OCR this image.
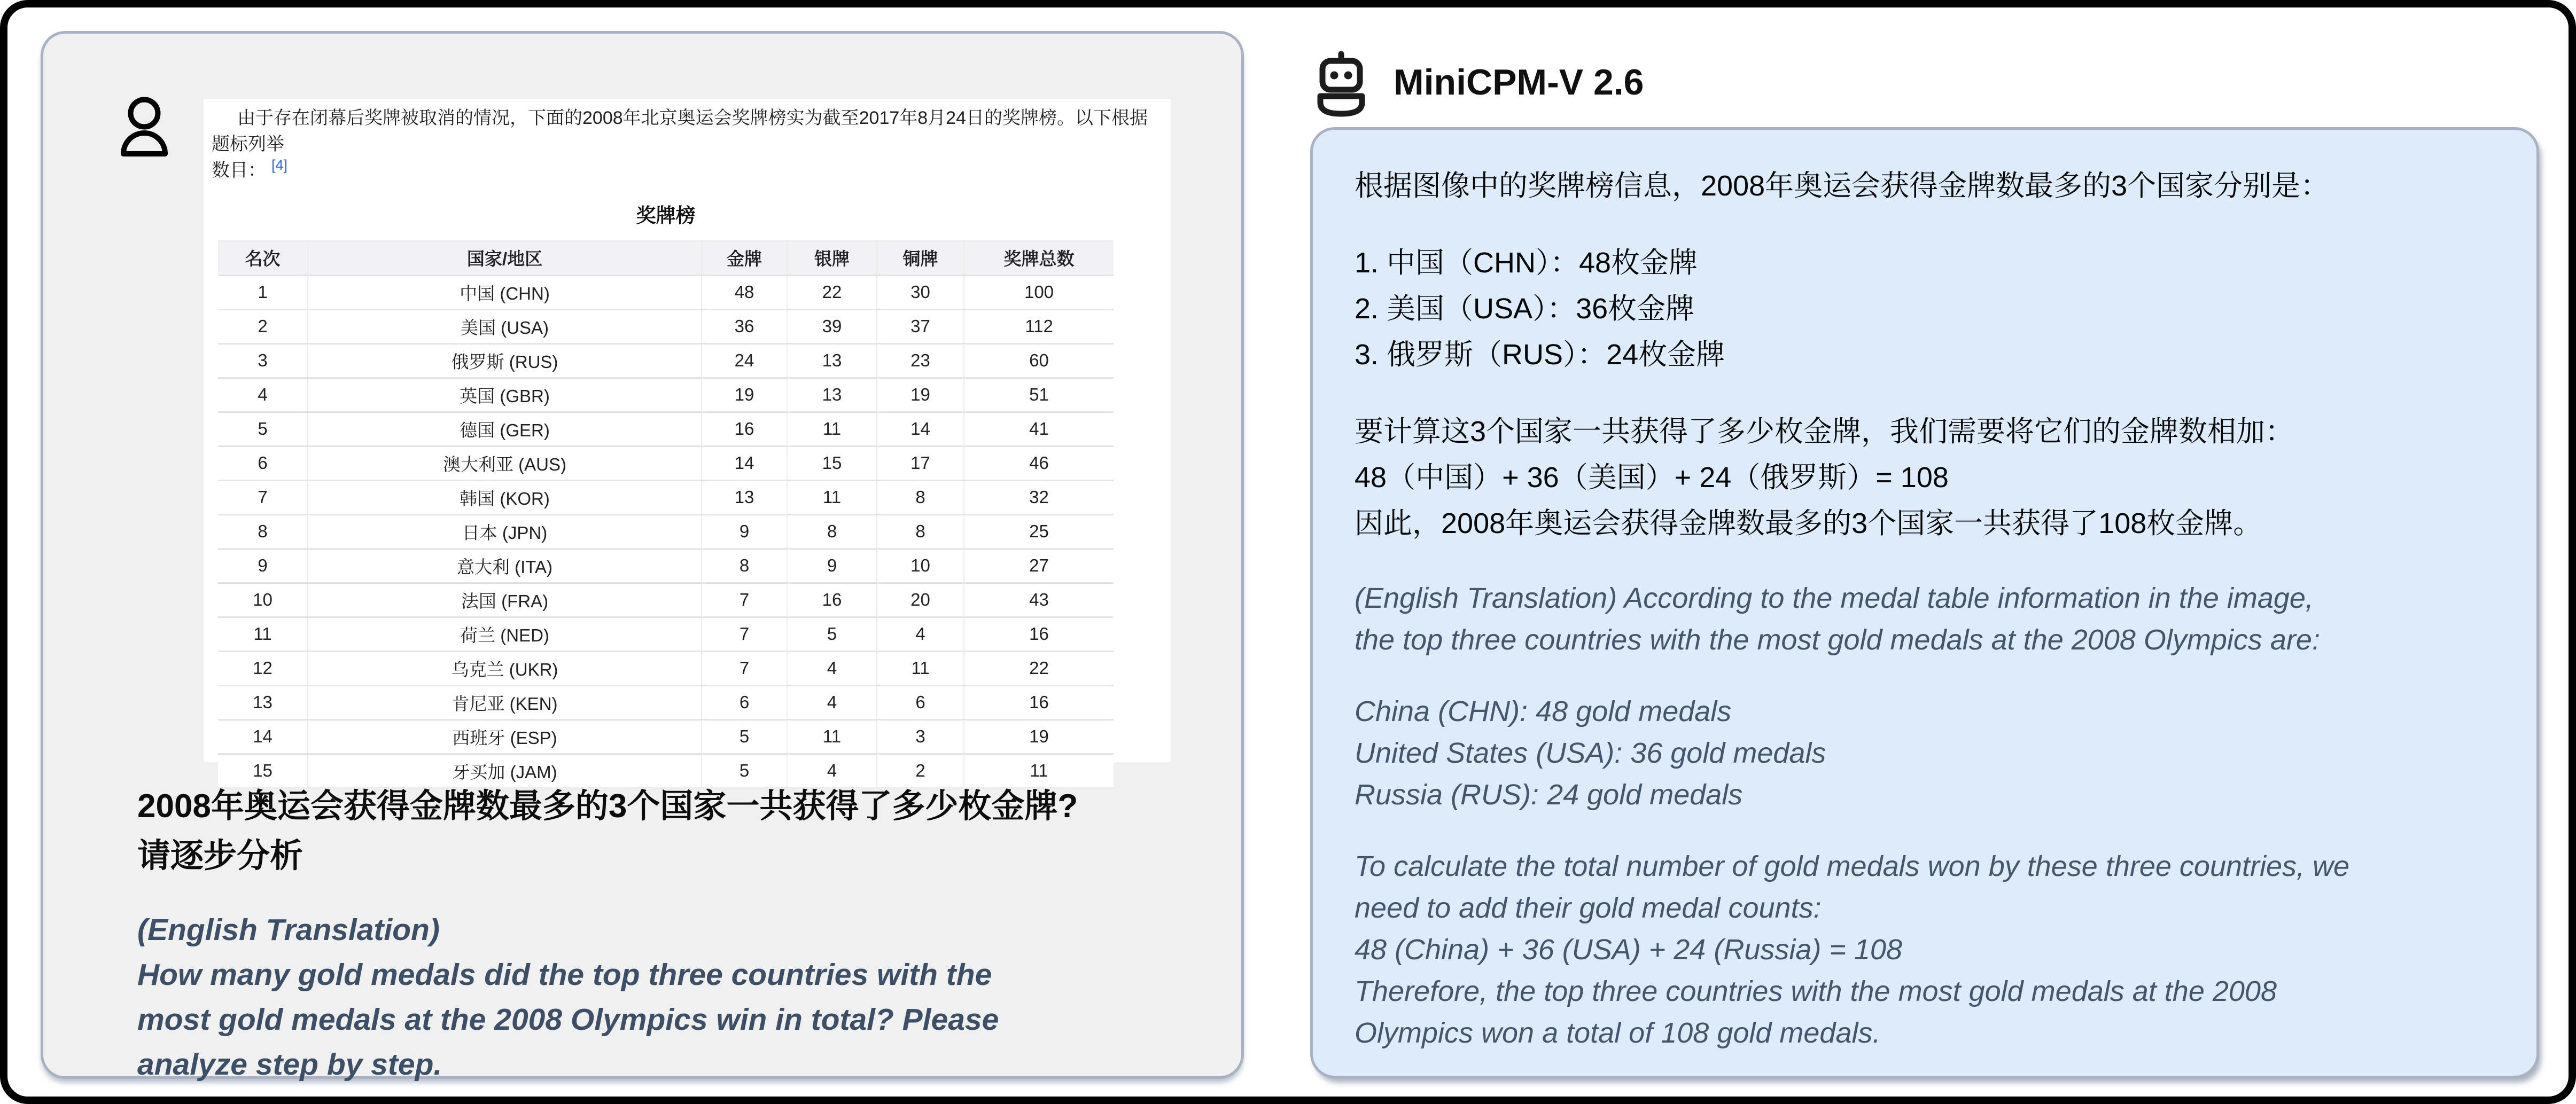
由于存在闭幕后奖牌被取消的情况，下面的2008年北京奥运会奖牌榜实为截至2017年8月24日的奖牌榜。以下根据题标列举
数目： [4]

奖牌榜
名次	国家/地区	金牌	银牌	铜牌	奖牌总数
1	中国 (CHN)	48	22	30	100
2	美国 (USA)	36	39	37	112
3	俄罗斯 (RUS)	24	13	23	60
4	英国 (GBR)	19	13	19	51
5	德国 (GER)	16	11	14	41
6	澳大利亚 (AUS)	14	15	17	46
7	韩国 (KOR)	13	11	8	32
8	日本 (JPN)	9	8	8	25
9	意大利 (ITA)	8	9	10	27
10	法国 (FRA)	7	16	20	43
11	荷兰 (NED)	7	5	4	16
12	乌克兰 (UKR)	7	4	11	22
13	肯尼亚 (KEN)	6	4	6	16
14	西班牙 (ESP)	5	11	3	19
15	牙买加 (JAM)	5	4	2	11
2008年奥运会获得金牌数最多的3个国家一共获得了多少枚金牌?
请逐步分析
(English Translation)
How many gold medals did the top three countries with the
most gold medals at the 2008 Olympics win in total? Please
analyze step by step.
MiniCPM-V 2.6

根据图像中的奖牌榜信息，2008年奥运会获得金牌数最多的3个国家分别是：

1. 中国（CHN）：48枚金牌
2. 美国（USA）：36枚金牌
3. 俄罗斯（RUS）：24枚金牌

要计算这3个国家一共获得了多少枚金牌，我们需要将它们的金牌数相加：
48（中国）+ 36（美国）+ 24（俄罗斯）= 108
因此，2008年奥运会获得金牌数最多的3个国家一共获得了108枚金牌。

(English Translation) According to the medal table information in the image,
the top three countries with the most gold medals at the 2008 Olympics are:

China (CHN): 48 gold medals
United States (USA): 36 gold medals
Russia (RUS): 24 gold medals

To calculate the total number of gold medals won by these three countries, we
need to add their gold medal counts:
48 (China) + 36 (USA) + 24 (Russia) = 108
Therefore, the top three countries with the most gold medals at the 2008
Olympics won a total of 108 gold medals.
